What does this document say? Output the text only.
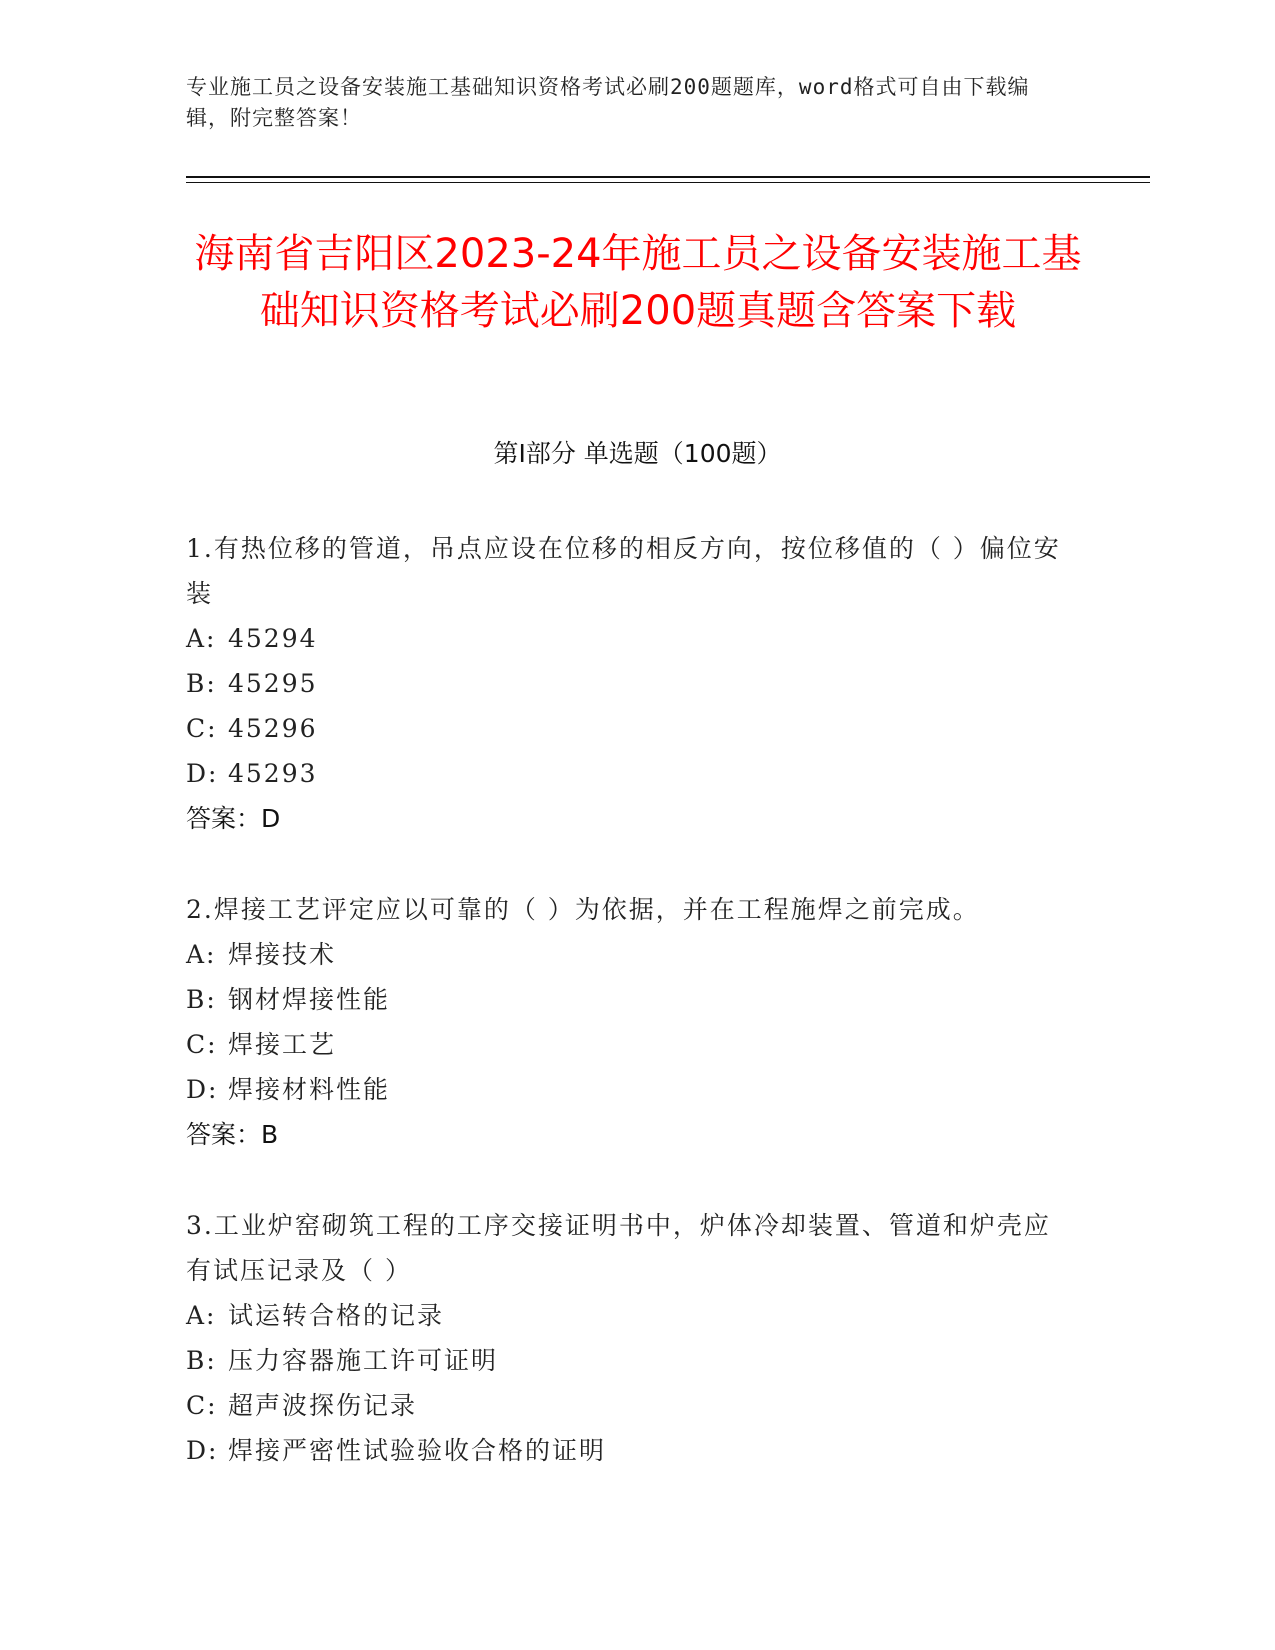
专业施工员之设备安装施工基础知识资格考试必刷200题题库，word格式可自由下载编辑，附完整答案！
海南省吉阳区2023-24年施工员之设备安装施工基础知识资格考试必刷200题真题含答案下载
第Ⅰ部分 单选题（100题）
1.有热位移的管道，吊点应设在位移的相反方向，按位移值的（ ）偏位安装
A: 45294
B: 45295
C: 45296
D: 45293
答案：D
2.焊接工艺评定应以可靠的（ ）为依据，并在工程施焊之前完成。
A: 焊接技术
B: 钢材焊接性能
C: 焊接工艺
D: 焊接材料性能
答案：B
3.工业炉窑砌筑工程的工序交接证明书中，炉体冷却装置、管道和炉壳应有试压记录及（ ）
A: 试运转合格的记录
B: 压力容器施工许可证明
C: 超声波探伤记录
D: 焊接严密性试验验收合格的证明
